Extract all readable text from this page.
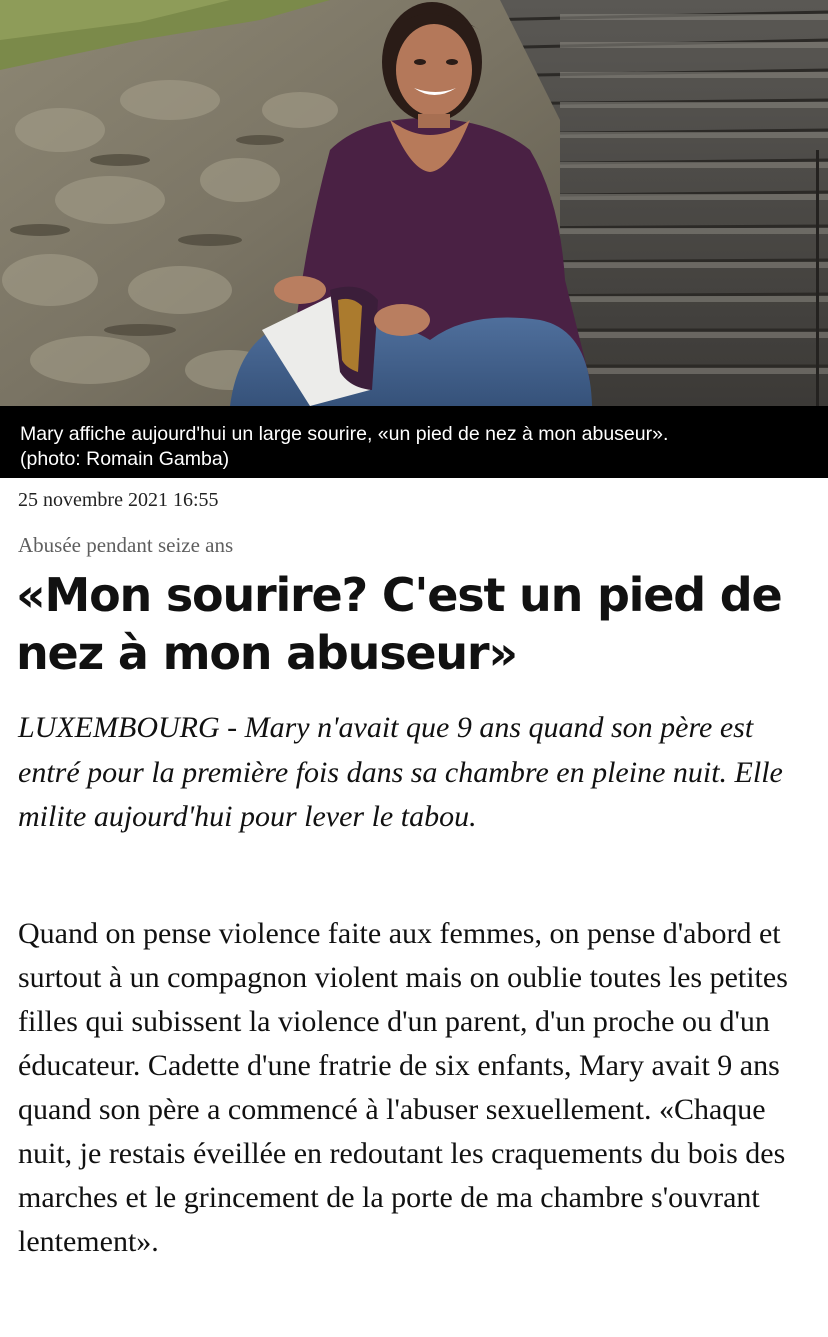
Mary affiche aujourd'hui un large sourire, «un pied de nez à mon abuseur».
(photo: Romain Gamba)
25 novembre 2021 16:55
Abusée pendant seize ans
«Mon sourire? C'est un pied de nez à mon abuseur»

LUXEMBOURG - Mary n'avait que 9 ans quand son père est entré pour la première fois dans sa chambre en pleine nuit. Elle milite aujourd'hui pour lever le tabou.

Quand on pense violence faite aux femmes, on pense d'abord et surtout à un compagnon violent mais on oublie toutes les petites filles qui subissent la violence d'un parent, d'un proche ou d'un éducateur. Cadette d'une fratrie de six enfants, Mary avait 9 ans quand son père a commencé à l'abuser sexuellement. «Chaque nuit, je restais éveillée en redoutant les craquements du bois des marches et le grincement de la porte de ma chambre s'ouvrant lentement».
